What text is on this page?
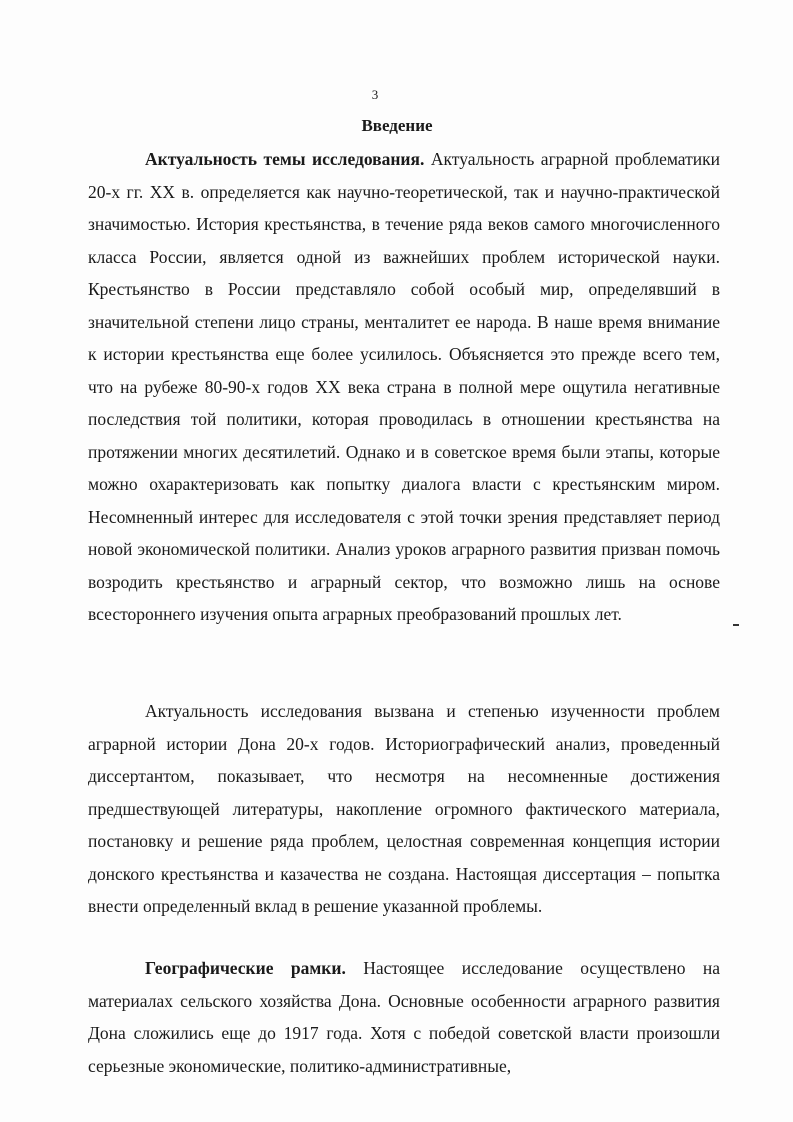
3
Введение

Актуальность темы исследования. Актуальность аграрной проблематики 20-х гг. XX в. определяется как научно-теоретической, так и научно-практической значимостью. История крестьянства, в течение ряда веков самого многочисленного класса России, является одной из важнейших проблем исторической науки. Крестьянство в России представляло собой особый мир, определявший в значительной степени лицо страны, менталитет ее народа. В наше время внимание к истории крестьянства еще более усилилось. Объясняется это прежде всего тем, что на рубеже 80-90-х годов XX века страна в полной мере ощутила негативные последствия той политики, которая проводилась в отношении крестьянства на протяжении многих десятилетий. Однако и в советское время были этапы, которые можно охарактеризовать как попытку диалога власти с крестьянским миром. Несомненный интерес для исследователя с этой точки зрения представляет период новой экономической политики. Анализ уроков аграрного развития призван помочь возродить крестьянство и аграрный сектор, что возможно лишь на основе всестороннего изучения опыта аграрных преобразований прошлых лет.

Актуальность исследования вызвана и степенью изученности проблем аграрной истории Дона 20-х годов. Историографический анализ, проведенный диссертантом, показывает, что несмотря на несомненные достижения предшествующей литературы, накопление огромного фактического материала, постановку и решение ряда проблем, целостная современная концепция истории донского крестьянства и казачества не создана. Настоящая диссертация – попытка внести определенный вклад в решение указанной проблемы.

Географические рамки. Настоящее исследование осуществлено на материалах сельского хозяйства Дона. Основные особенности аграрного развития Дона сложились еще до 1917 года. Хотя с победой советской власти произошли серьезные экономические, политико-административные,
